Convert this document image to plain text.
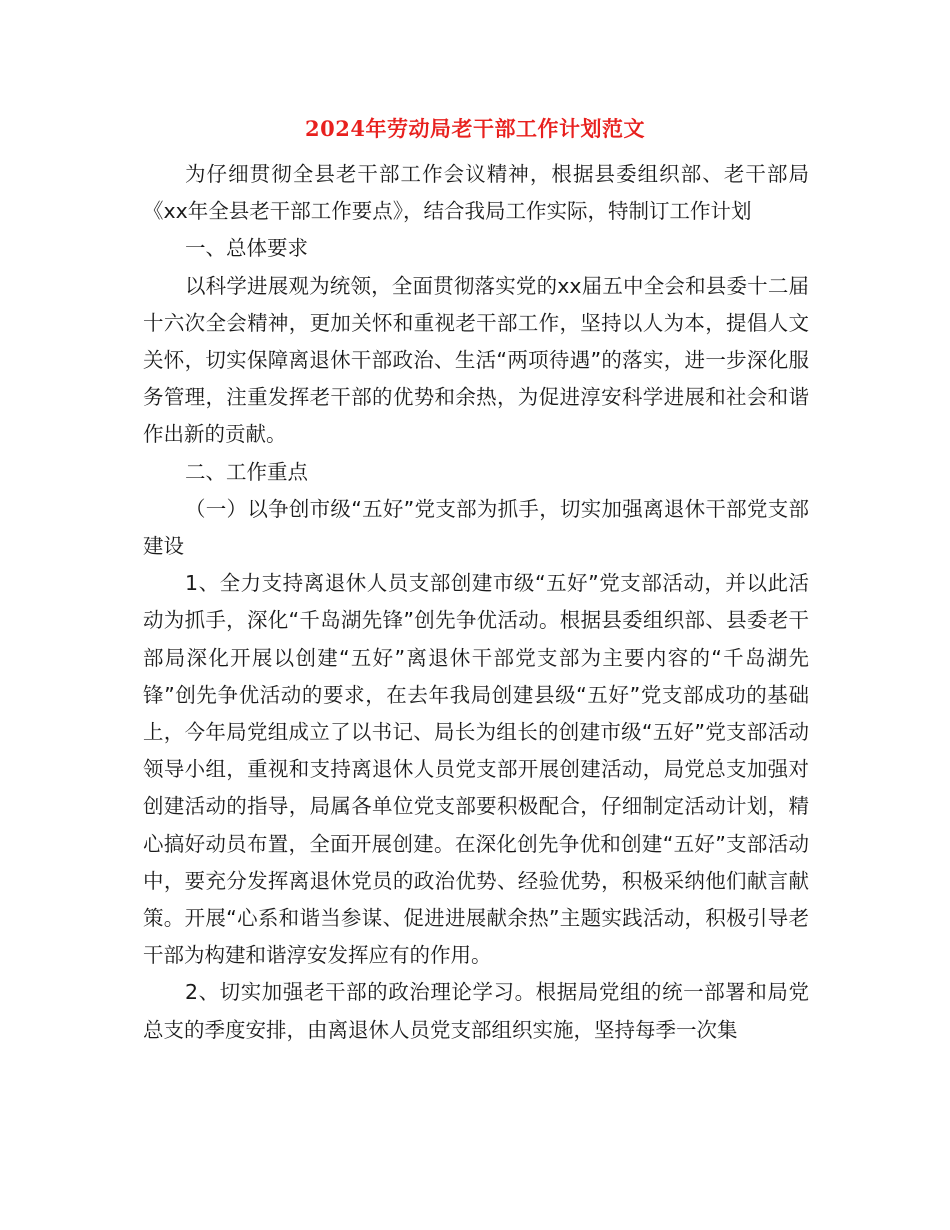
2024年劳动局老干部工作计划范文

为仔细贯彻全县老干部工作会议精神，根据县委组织部、老干部局《xx年全县老干部工作要点》，结合我局工作实际，特制订工作计划

一、总体要求

以科学进展观为统领，全面贯彻落实党的xx届五中全会和县委十二届十六次全会精神，更加关怀和重视老干部工作，坚持以人为本，提倡人文关怀，切实保障离退休干部政治、生活“两项待遇”的落实，进一步深化服务管理，注重发挥老干部的优势和余热，为促进淳安科学进展和社会和谐作出新的贡献。

二、工作重点

（一）以争创市级“五好”党支部为抓手，切实加强离退休干部党支部建设

1、全力支持离退休人员支部创建市级“五好”党支部活动，并以此活动为抓手，深化“千岛湖先锋”创先争优活动。根据县委组织部、县委老干部局深化开展以创建“五好”离退休干部党支部为主要内容的“千岛湖先锋”创先争优活动的要求，在去年我局创建县级“五好”党支部成功的基础上，今年局党组成立了以书记、局长为组长的创建市级“五好”党支部活动领导小组，重视和支持离退休人员党支部开展创建活动，局党总支加强对创建活动的指导，局属各单位党支部要积极配合，仔细制定活动计划，精心搞好动员布置，全面开展创建。在深化创先争优和创建“五好”支部活动中，要充分发挥离退休党员的政治优势、经验优势，积极采纳他们献言献策。开展“心系和谐当参谋、促进进展献余热”主题实践活动，积极引导老干部为构建和谐淳安发挥应有的作用。

2、切实加强老干部的政治理论学习。根据局党组的统一部署和局党总支的季度安排，由离退休人员党支部组织实施，坚持每季一次集
